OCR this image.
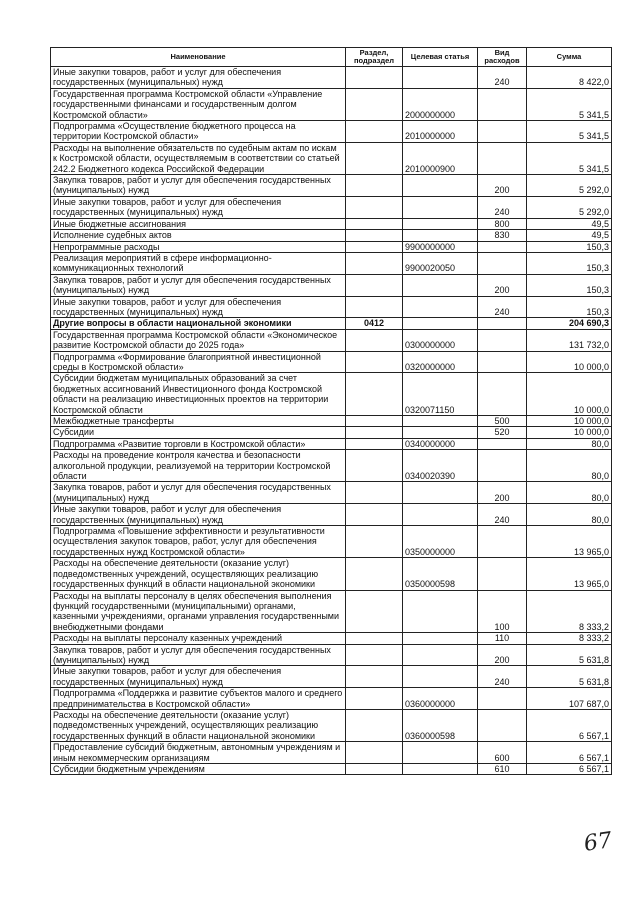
Наименование	Раздел, подраздел	Целевая статья	Вид расходов	Сумма
Иные закупки товаров, работ и услуг для обеспечения государственных (муниципальных) нужд			240	8 422,0
Государственная программа Костромской области «Управление государственными финансами и государственным долгом Костромской области»		2000000000		5 341,5
Подпрограмма «Осуществление бюджетного процесса на территории Костромской области»		2010000000		5 341,5
Расходы на выполнение обязательств по судебным актам по искам к Костромской области, осуществляемым в соответствии со статьей 242.2 Бюджетного кодекса Российской Федерации		2010000900		5 341,5
Закупка товаров, работ и услуг для обеспечения государственных (муниципальных) нужд			200	5 292,0
Иные закупки товаров, работ и услуг для обеспечения государственных (муниципальных) нужд			240	5 292,0
Иные бюджетные ассигнования			800	49,5
Исполнение судебных актов			830	49,5
Непрограммные расходы		9900000000		150,3
Реализация мероприятий в сфере информационно-коммуникационных технологий		9900020050		150,3
Закупка товаров, работ и услуг для обеспечения государственных (муниципальных) нужд			200	150,3
Иные закупки товаров, работ и услуг для обеспечения государственных (муниципальных) нужд			240	150,3
Другие вопросы в области национальной экономики	0412			204 690,3
Государственная программа Костромской области «Экономическое развитие Костромской области до 2025 года»		0300000000		131 732,0
Подпрограмма «Формирование благоприятной инвестиционной среды в Костромской области»		0320000000		10 000,0
Субсидии бюджетам муниципальных образований за счет бюджетных ассигнований Инвестиционного фонда Костромской области на реализацию инвестиционных проектов на территории Костромской области		0320071150		10 000,0
Межбюджетные трансферты			500	10 000,0
Субсидии			520	10 000,0
Подпрограмма «Развитие торговли в Костромской области»		0340000000		80,0
Расходы на проведение контроля качества и безопасности алкогольной продукции, реализуемой на территории Костромской области		0340020390		80,0
Закупка товаров, работ и услуг для обеспечения государственных (муниципальных) нужд			200	80,0
Иные закупки товаров, работ и услуг для обеспечения государственных (муниципальных) нужд			240	80,0
Подпрограмма «Повышение эффективности и результативности осуществления закупок товаров, работ, услуг для обеспечения государственных нужд Костромской области»		0350000000		13 965,0
Расходы на обеспечение деятельности (оказание услуг) подведомственных учреждений, осуществляющих реализацию государственных функций в области национальной экономики		0350000598		13 965,0
Расходы на выплаты персоналу в целях обеспечения выполнения функций государственными (муниципальными) органами, казенными учреждениями, органами управления государственными внебюджетными фондами			100	8 333,2
Расходы на выплаты персоналу казенных учреждений			110	8 333,2
Закупка товаров, работ и услуг для обеспечения государственных (муниципальных) нужд			200	5 631,8
Иные закупки товаров, работ и услуг для обеспечения государственных (муниципальных) нужд			240	5 631,8
Подпрограмма «Поддержка и развитие субъектов малого и среднего предпринимательства в Костромской области»		0360000000		107 687,0
Расходы на обеспечение деятельности (оказание услуг) подведомственных учреждений, осуществляющих реализацию государственных функций в области национальной экономики		0360000598		6 567,1
Предоставление субсидий бюджетным, автономным учреждениям и иным некоммерческим организациям			600	6 567,1
Субсидии бюджетным учреждениям			610	6 567,1
67
